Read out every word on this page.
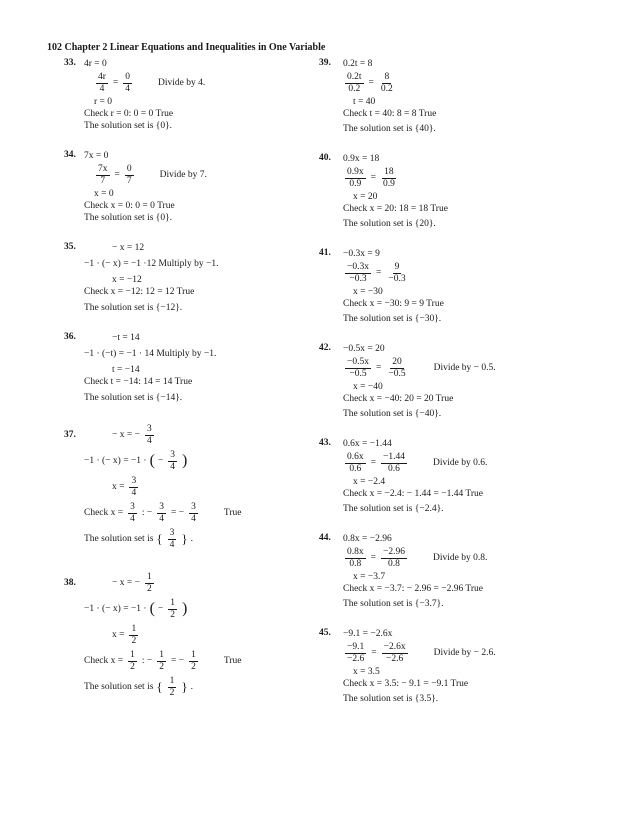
102 Chapter 2 Linear Equations and Inequalities in One Variable
33. 4r = 0
$\frac{4r}{4} = \frac{0}{4}$	Divide by 4.
r = 0
Check r = 0: 0 = 0 True
The solution set is {0}.
34. 7x = 0
$\frac{7x}{7} = \frac{0}{7}$	Divide by 7.
x = 0
Check x = 0: 0 = 0 True
The solution set is {0}.
35.	− x = 12
−1 · (− x) = −1 ·12 Multiply by −1.
x = −12
Check x = −12: 12 = 12 True
The solution set is {−12}.
36.	−t = 14
−1 · (−t) = −1 · 14 Multiply by −1.
t = −14
Check t = −14: 14 = 14 True
The solution set is {−14}.
37.	− x = − $\frac{3}{4}$
−1 · (− x) = −1 · ( − $\frac{3}{4}$ )
$x = \frac{3}{4}$
Check $x = \frac{3}{4}$ : − $\frac{3}{4}$ = − $\frac{3}{4}$	True
The solution set is { $\frac{3}{4}$ } .
38.	− x = − $\frac{1}{2}$
−1 · (− x) = −1 · ( − $\frac{1}{2}$ )
$x = \frac{1}{2}$
Check $x = \frac{1}{2}$ : − $\frac{1}{2}$ = − $\frac{1}{2}$	True
The solution set is { $\frac{1}{2}$ } .
39. 0.2t = 8
$\frac{0.2t}{0.2} = \frac{8}{0.2}$
t = 40
Check t = 40: 8 = 8 True
The solution set is {40}.
40. 0.9x = 18
$\frac{0.9x}{0.9} = \frac{18}{0.9}$
x = 20
Check x = 20: 18 = 18 True
The solution set is {20}.
41. −0.3x = 9
$\frac{-0.3x}{-0.3} = \frac{9}{-0.3}$
x = −30
Check x = −30: 9 = 9 True
The solution set is {−30}.
42. −0.5x = 20
$\frac{-0.5x}{-0.5} = \frac{20}{-0.5}$	Divide by − 0.5.
x = −40
Check x = −40: 20 = 20 True
The solution set is {−40}.
43. 0.6x = −1.44
$\frac{0.6x}{0.6} = \frac{-1.44}{0.6}$	Divide by 0.6.
x = −2.4
Check x = −2.4: − 1.44 = −1.44 True
The solution set is {−2.4}.
44. 0.8x = −2.96
$\frac{0.8x}{0.8} = \frac{-2.96}{0.8}$	Divide by 0.8.
x = −3.7
Check x = −3.7: − 2.96 = −2.96 True
The solution set is {−3.7}.
45. −9.1 = −2.6x
$\frac{-9.1}{-2.6} = \frac{-2.6x}{-2.6}$	Divide by − 2.6.
x = 3.5
Check x = 3.5: − 9.1 = −9.1 True
The solution set is {3.5}.
